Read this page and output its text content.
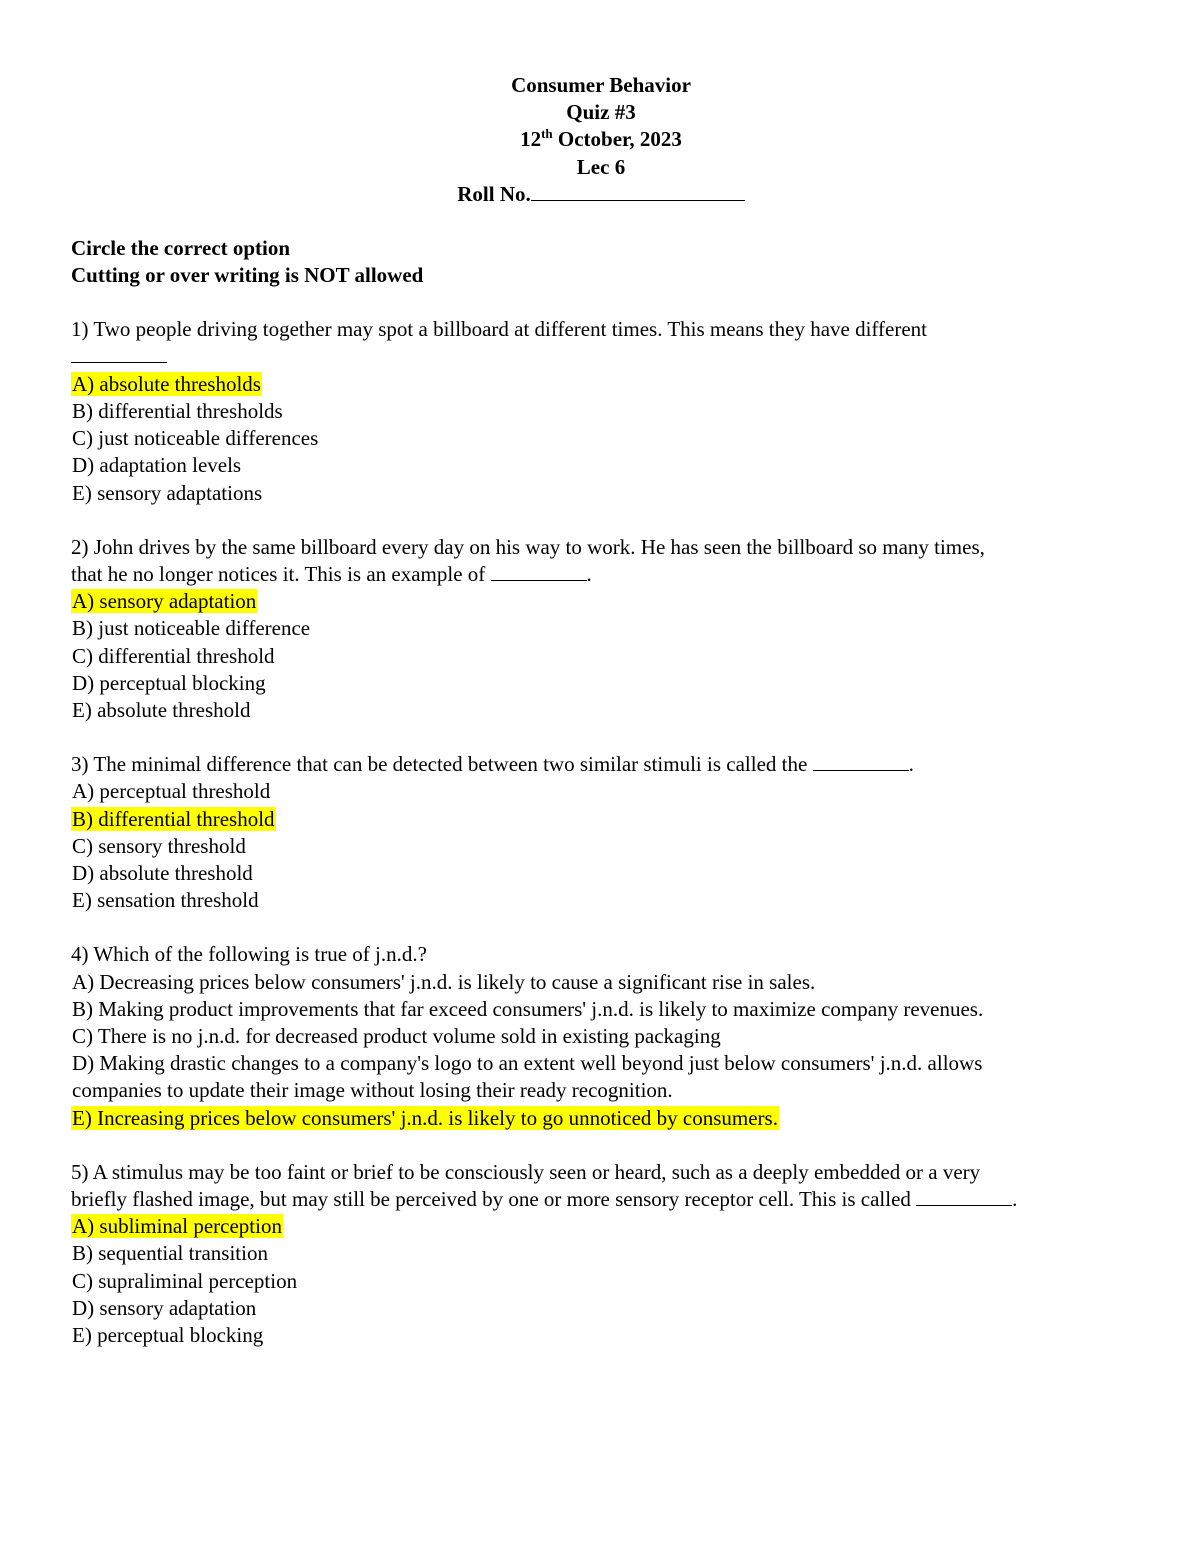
Consumer Behavior
Quiz #3
12th October, 2023
Lec 6
Roll No.
Circle the correct option
Cutting or over writing is NOT allowed
1) Two people driving together may spot a billboard at different times. This means they have different
A) absolute thresholds
B) differential thresholds
C) just noticeable differences
D) adaptation levels
E) sensory adaptations
2) John drives by the same billboard every day on his way to work. He has seen the billboard so many times,
that he no longer notices it. This is an example of	.
A) sensory adaptation
B) just noticeable difference
C) differential threshold
D) perceptual blocking
E) absolute threshold
3) The minimal difference that can be detected between two similar stimuli is called the	.
A) perceptual threshold
B) differential threshold
C) sensory threshold
D) absolute threshold
E) sensation threshold
4) Which of the following is true of j.n.d.?
A) Decreasing prices below consumers' j.n.d. is likely to cause a significant rise in sales.
B) Making product improvements that far exceed consumers' j.n.d. is likely to maximize company revenues.
C) There is no j.n.d. for decreased product volume sold in existing packaging
D) Making drastic changes to a company's logo to an extent well beyond just below consumers' j.n.d. allows
companies to update their image without losing their ready recognition.
E) Increasing prices below consumers' j.n.d. is likely to go unnoticed by consumers.
5) A stimulus may be too faint or brief to be consciously seen or heard, such as a deeply embedded or a very
briefly flashed image, but may still be perceived by one or more sensory receptor cell. This is called	.
A) subliminal perception
B) sequential transition
C) supraliminal perception
D) sensory adaptation
E) perceptual blocking
